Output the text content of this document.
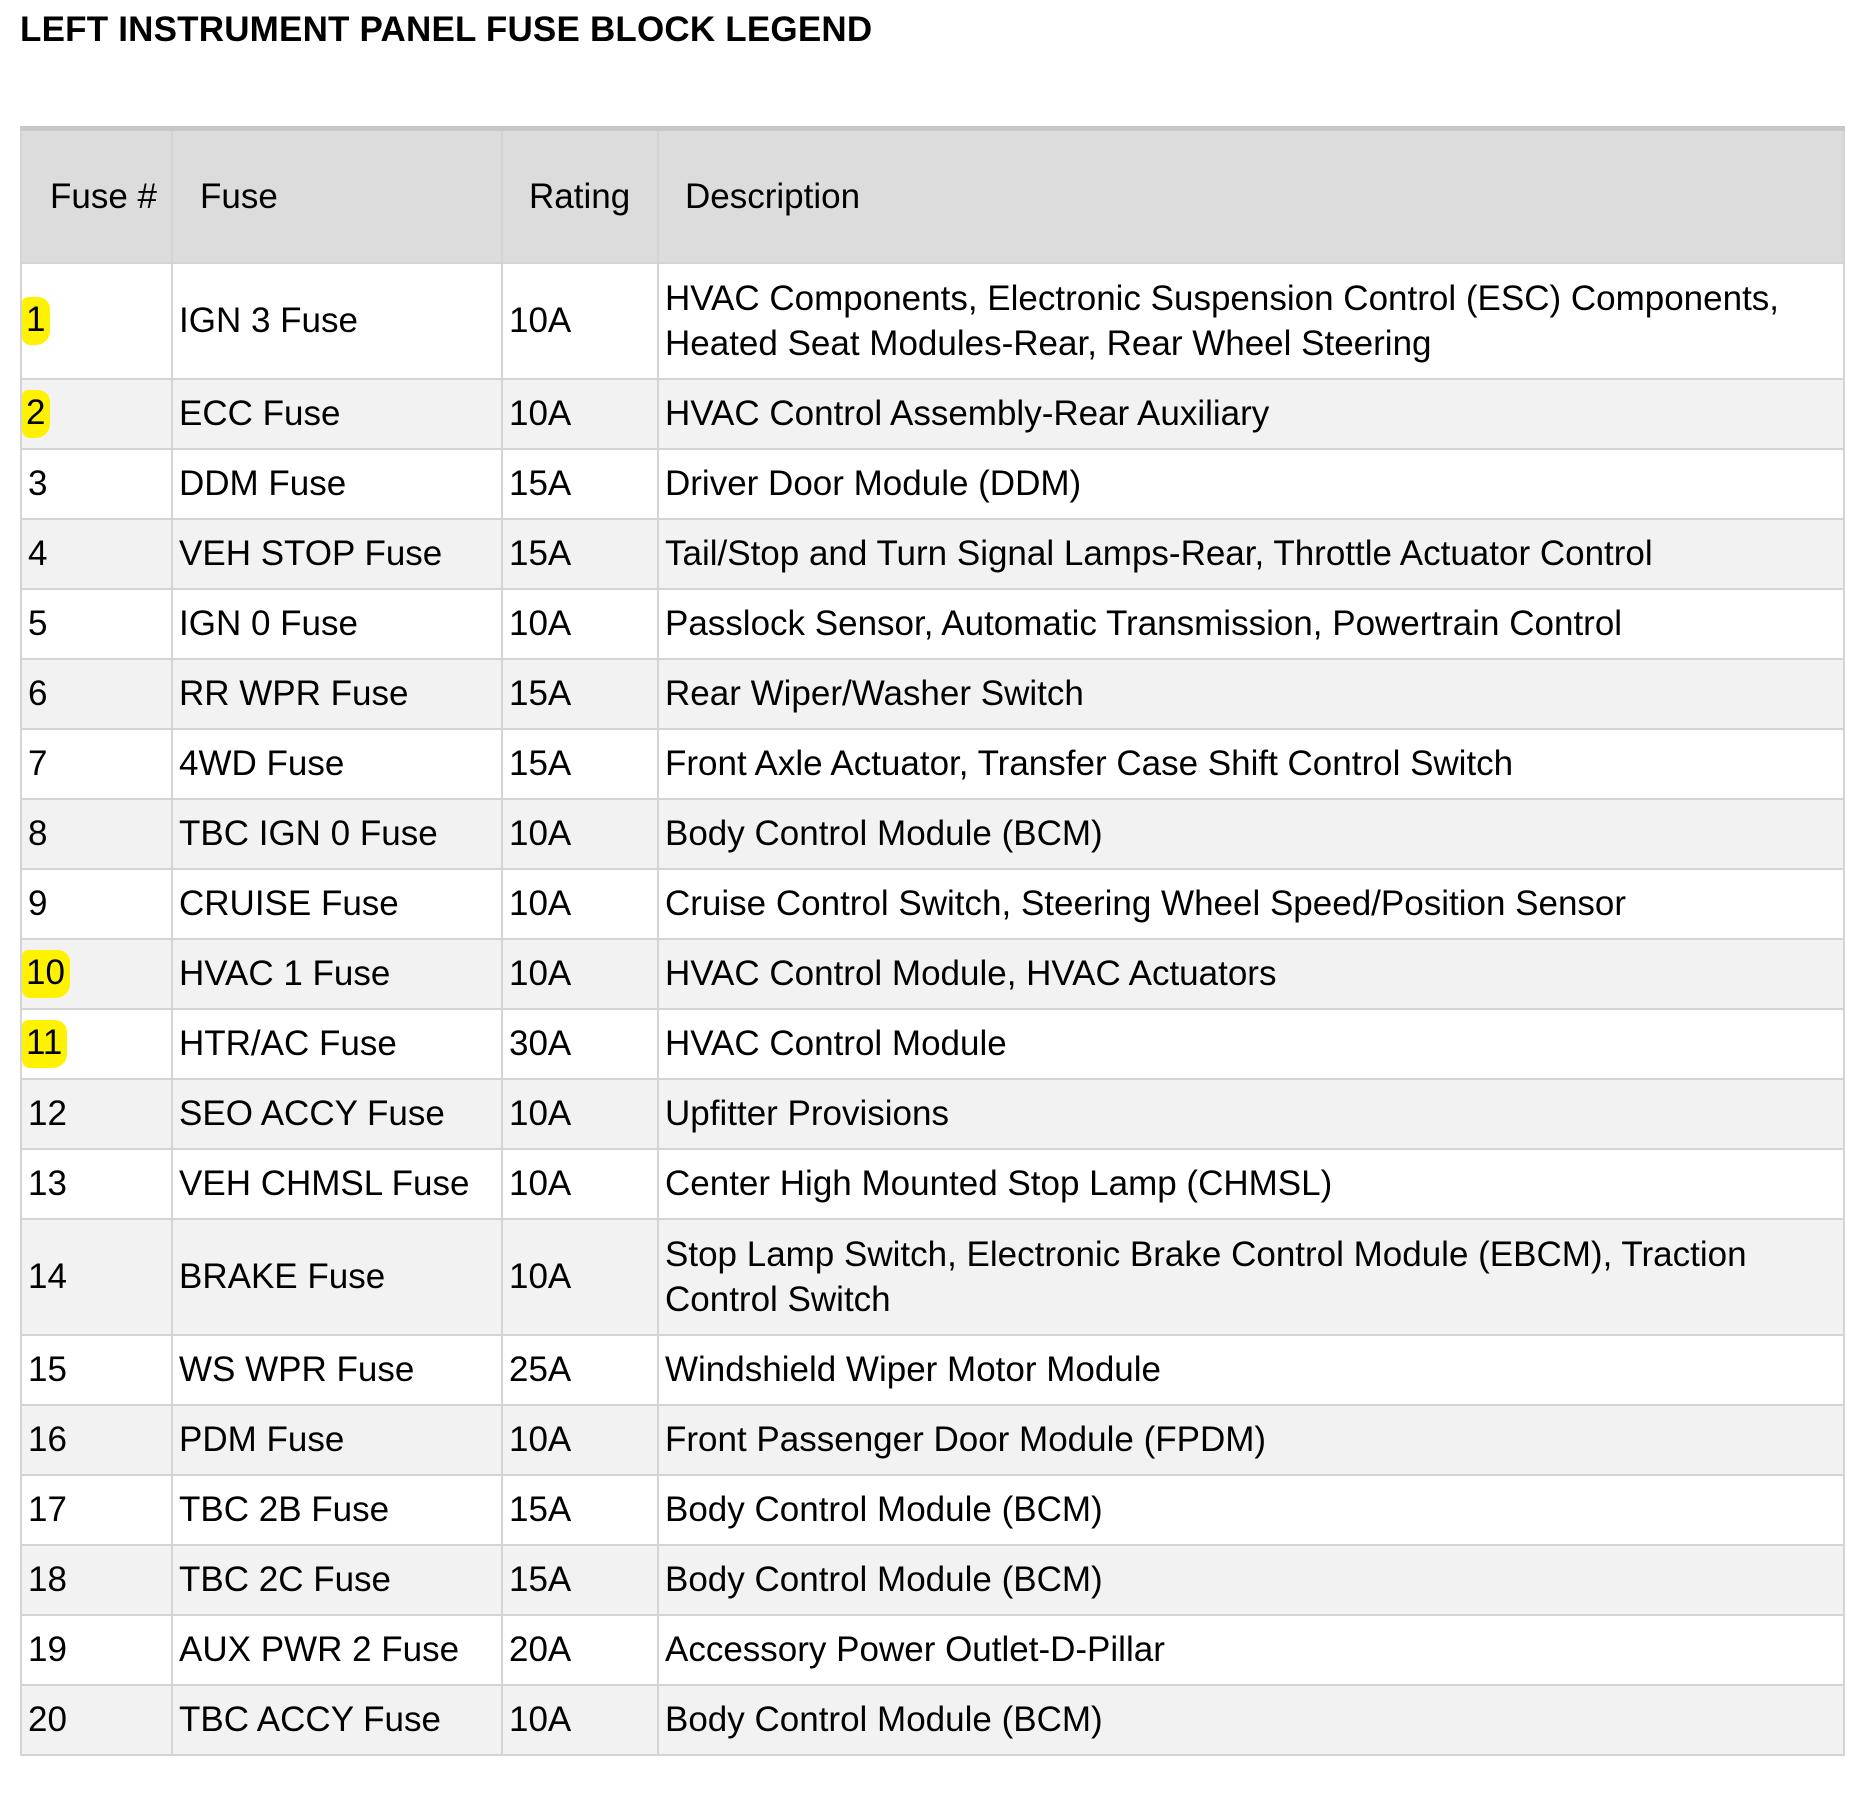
LEFT INSTRUMENT PANEL FUSE BLOCK LEGEND
Fuse #	Fuse	Rating	Description
1	IGN 3 Fuse	10A	HVAC Components, Electronic Suspension Control (ESC) Components, Heated Seat Modules-Rear, Rear Wheel Steering
2	ECC Fuse	10A	HVAC Control Assembly-Rear Auxiliary
3	DDM Fuse	15A	Driver Door Module (DDM)
4	VEH STOP Fuse	15A	Tail/Stop and Turn Signal Lamps-Rear, Throttle Actuator Control
5	IGN 0 Fuse	10A	Passlock Sensor, Automatic Transmission, Powertrain Control
6	RR WPR Fuse	15A	Rear Wiper/Washer Switch
7	4WD Fuse	15A	Front Axle Actuator, Transfer Case Shift Control Switch
8	TBC IGN 0 Fuse	10A	Body Control Module (BCM)
9	CRUISE Fuse	10A	Cruise Control Switch, Steering Wheel Speed/Position Sensor
10	HVAC 1 Fuse	10A	HVAC Control Module, HVAC Actuators
11	HTR/AC Fuse	30A	HVAC Control Module
12	SEO ACCY Fuse	10A	Upfitter Provisions
13	VEH CHMSL Fuse	10A	Center High Mounted Stop Lamp (CHMSL)
14	BRAKE Fuse	10A	Stop Lamp Switch, Electronic Brake Control Module (EBCM), Traction Control Switch
15	WS WPR Fuse	25A	Windshield Wiper Motor Module
16	PDM Fuse	10A	Front Passenger Door Module (FPDM)
17	TBC 2B Fuse	15A	Body Control Module (BCM)
18	TBC 2C Fuse	15A	Body Control Module (BCM)
19	AUX PWR 2 Fuse	20A	Accessory Power Outlet-D-Pillar
20	TBC ACCY Fuse	10A	Body Control Module (BCM)
